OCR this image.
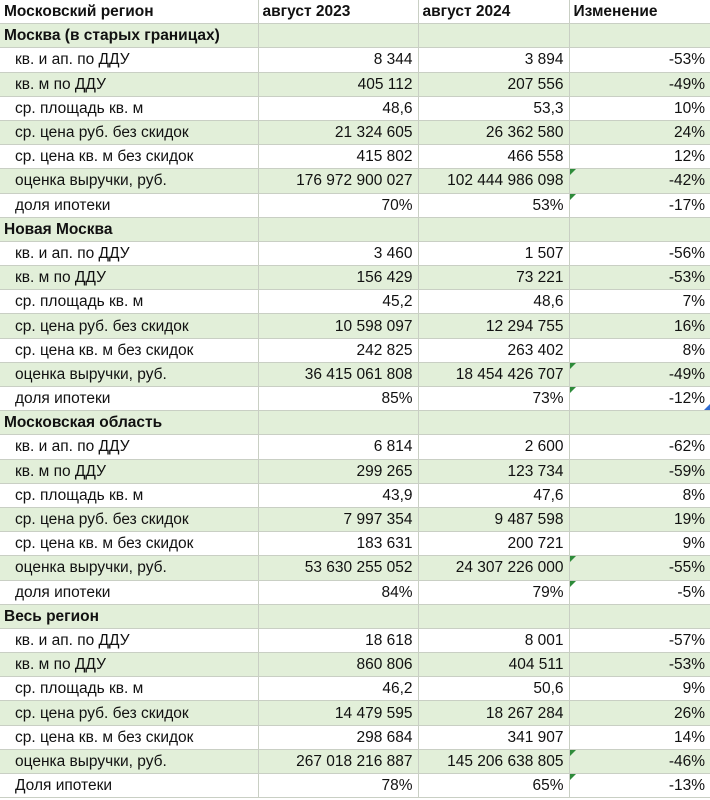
Московский регион	август 2023	август 2024	Изменение
Москва (в старых границах)			
кв. и ап. по ДДУ	8 344	3 894	-53%
кв. м по ДДУ	405 112	207 556	-49%
ср. площадь кв. м	48,6	53,3	10%
ср. цена руб. без скидок	21 324 605	26 362 580	24%
ср. цена кв. м без скидок	415 802	466 558	12%
оценка выручки, руб.	176 972 900 027	102 444 986 098	-42%

доля ипотеки	70%	53%	-17%

Новая Москва			
кв. и ап. по ДДУ	3 460	1 507	-56%
кв. м по ДДУ	156 429	73 221	-53%
ср. площадь кв. м	45,2	48,6	7%
ср. цена руб. без скидок	10 598 097	12 294 755	16%
ср. цена кв. м без скидок	242 825	263 402	8%
оценка выручки, руб.	36 415 061 808	18 454 426 707	-49%

доля ипотеки	85%	73%	-12%

Московская область			
кв. и ап. по ДДУ	6 814	2 600	-62%
кв. м по ДДУ	299 265	123 734	-59%
ср. площадь кв. м	43,9	47,6	8%
ср. цена руб. без скидок	7 997 354	9 487 598	19%
ср. цена кв. м без скидок	183 631	200 721	9%
оценка выручки, руб.	53 630 255 052	24 307 226 000	-55%

доля ипотеки	84%	79%	-5%

Весь регион			
кв. и ап. по ДДУ	18 618	8 001	-57%
кв. м по ДДУ	860 806	404 511	-53%
ср. площадь кв. м	46,2	50,6	9%
ср. цена руб. без скидок	14 479 595	18 267 284	26%
ср. цена кв. м без скидок	298 684	341 907	14%
оценка выручки, руб.	267 018 216 887	145 206 638 805	-46%

Доля ипотеки	78%	65%	-13%
